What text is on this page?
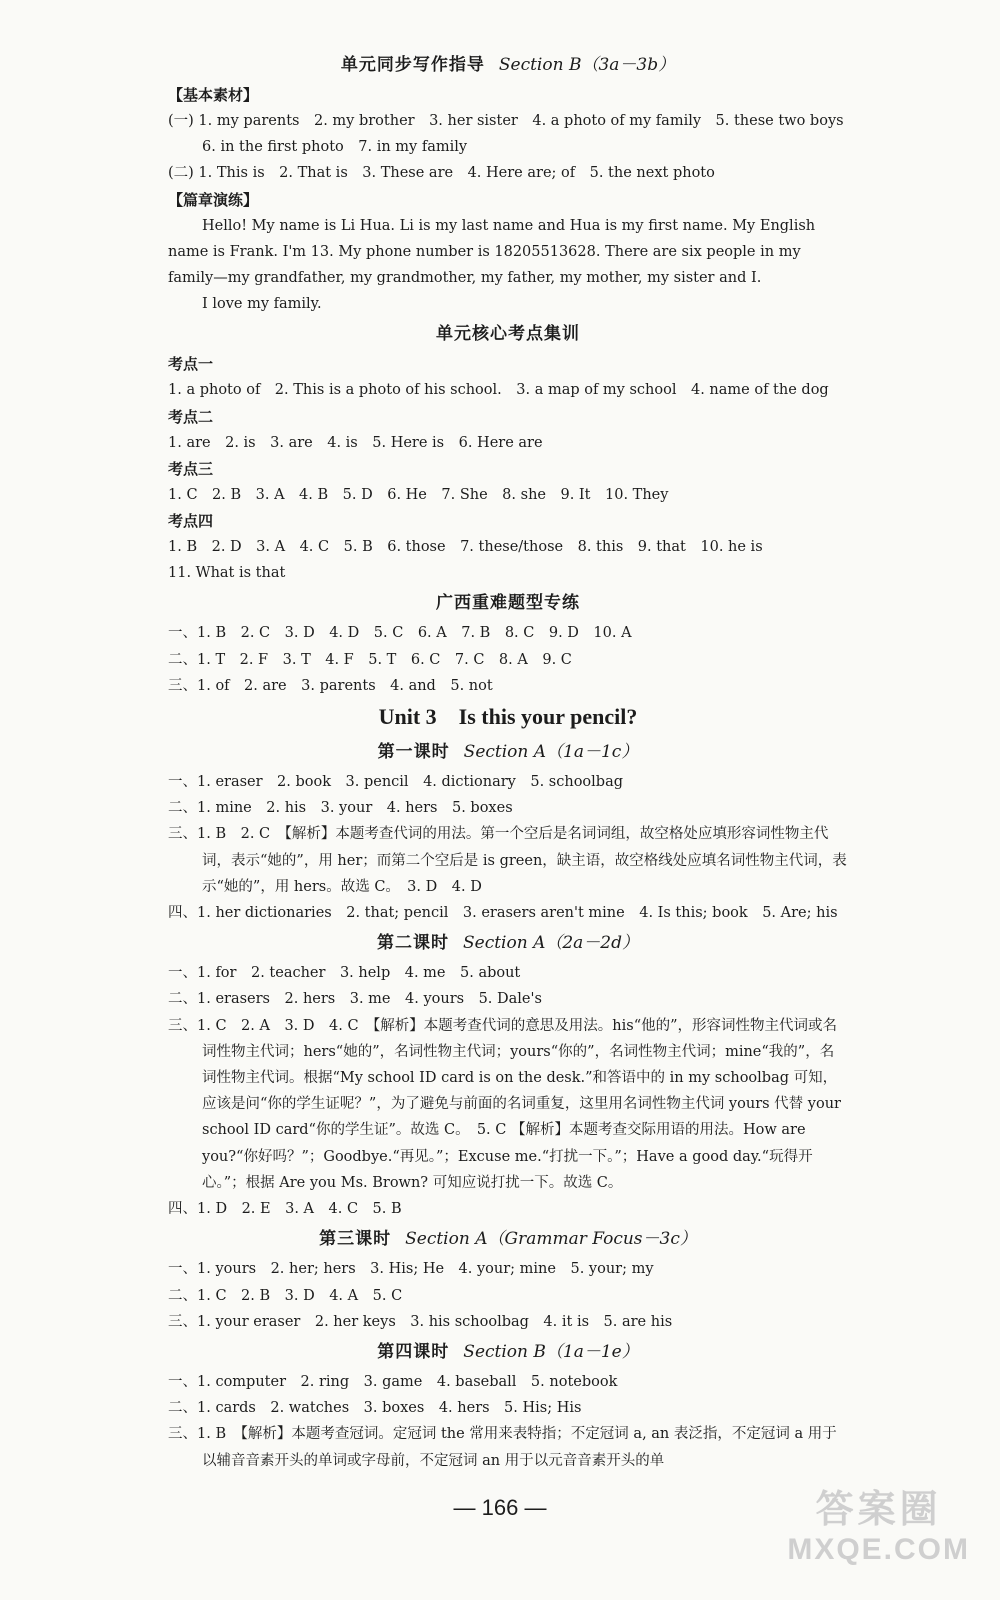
单元同步写作指导 Section B（3a－3b）
【基本素材】
(一) 1. my parents　2. my brother　3. her sister　4. a photo of my family　5. these two boys
6. in the first photo　7. in my family
(二) 1. This is　2. That is　3. These are　4. Here are; of　5. the next photo
【篇章演练】
Hello! My name is Li Hua. Li is my last name and Hua is my first name. My English name is Frank. I'm 13. My phone number is 18205513628. There are six people in my family—my grandfather, my grandmother, my father, my mother, my sister and I.
I love my family.
单元核心考点集训
考点一
1. a photo of　2. This is a photo of his school.　3. a map of my school　4. name of the dog
考点二
1. are　2. is　3. are　4. is　5. Here is　6. Here are
考点三
1. C　2. B　3. A　4. B　5. D　6. He　7. She　8. she　9. It　10. They
考点四
1. B　2. D　3. A　4. C　5. B　6. those　7. these/those　8. this　9. that　10. he is
11. What is that
广西重难题型专练
一、1. B　2. C　3. D　4. D　5. C　6. A　7. B　8. C　9. D　10. A
二、1. T　2. F　3. T　4. F　5. T　6. C　7. C　8. A　9. C
三、1. of　2. are　3. parents　4. and　5. not
Unit 3　Is this your pencil?
第一课时 Section A（1a－1c）
一、1. eraser　2. book　3. pencil　4. dictionary　5. schoolbag
二、1. mine　2. his　3. your　4. hers　5. boxes
三、1. B　2. C　【解析】本题考查代词的用法。第一个空后是名词词组，故空格处应填形容词性物主代词，表示“她的”，用 her；而第二个空后是 is green，缺主语，故空格线处应填名词性物主代词，表示“她的”，用 hers。故选 C。　3. D　4. D
四、1. her dictionaries　2. that; pencil　3. erasers aren't mine　4. Is this; book　5. Are; his
第二课时 Section A（2a－2d）
一、1. for　2. teacher　3. help　4. me　5. about
二、1. erasers　2. hers　3. me　4. yours　5. Dale's
三、1. C　2. A　3. D　4. C　【解析】本题考查代词的意思及用法。his“他的”，形容词性物主代词或名词性物主代词；hers“她的”，名词性物主代词；yours“你的”，名词性物主代词；mine“我的”，名词性物主代词。根据“My school ID card is on the desk.”和答语中的 in my schoolbag 可知，应该是问“你的学生证呢？”，为了避免与前面的名词重复，这里用名词性物主代词 yours 代替 your school ID card“你的学生证”。故选 C。　5. C 【解析】本题考查交际用语的用法。How are you?“你好吗？”；Goodbye.“再见。”；Excuse me.“打扰一下。”；Have a good day.“玩得开心。”；根据 Are you Ms. Brown? 可知应说打扰一下。故选 C。
四、1. D　2. E　3. A　4. C　5. B
第三课时 Section A（Grammar Focus－3c）
一、1. yours　2. her; hers　3. His; He　4. your; mine　5. your; my
二、1. C　2. B　3. D　4. A　5. C
三、1. your eraser　2. her keys　3. his schoolbag　4. it is　5. are his
第四课时 Section B（1a－1e）
一、1. computer　2. ring　3. game　4. baseball　5. notebook
二、1. cards　2. watches　3. boxes　4. hers　5. His; His
三、1. B　【解析】本题考查冠词。定冠词 the 常用来表特指；不定冠词 a, an 表泛指，不定冠词 a 用于以辅音音素开头的单词或字母前，不定冠词 an 用于以元音音素开头的单
— 166 —	答案圈
MXQE.COM
